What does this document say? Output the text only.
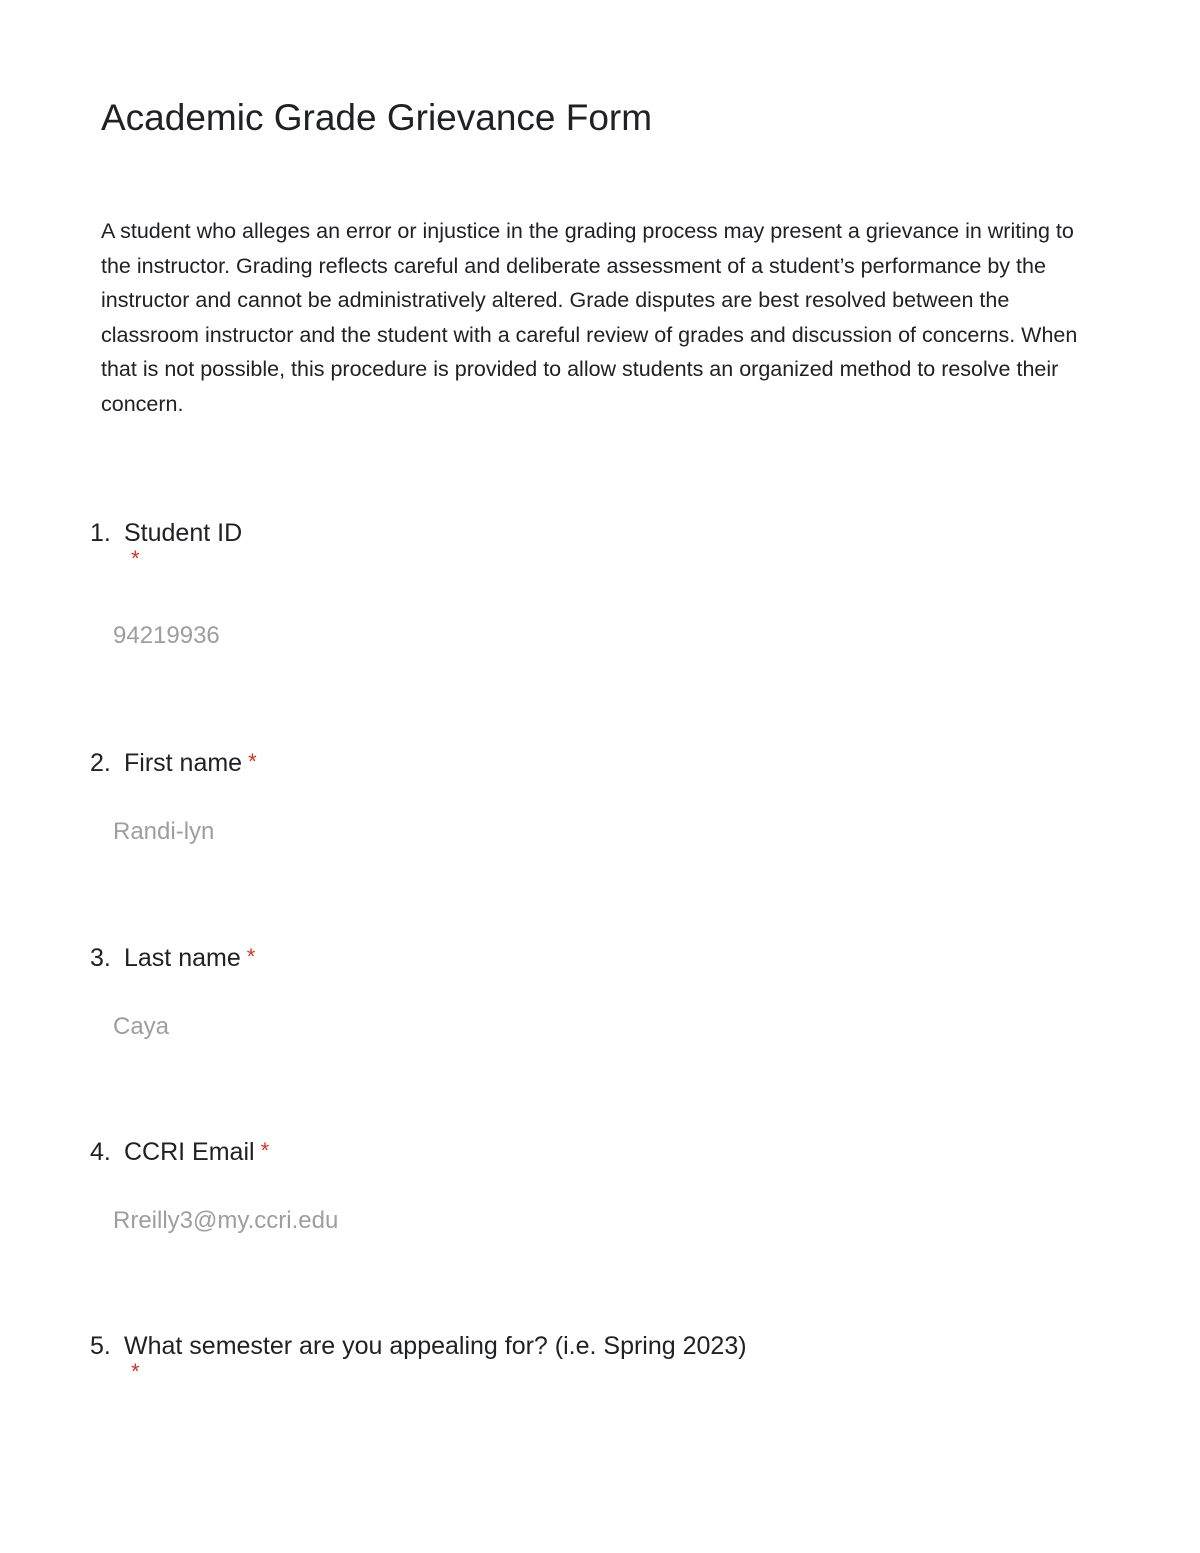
Academic Grade Grievance Form

A student who alleges an error or injustice in the grading process may present a grievance in writing to the instructor. Grading reflects careful and deliberate assessment of a student’s performance by the instructor and cannot be administratively altered. Grade disputes are best resolved between the classroom instructor and the student with a careful review of grades and discussion of concerns. When that is not possible, this procedure is provided to allow students an organized method to resolve their concern.

1. Student ID
*
94219936
2. First name *
Randi-lyn
3. Last name *
Caya
4. CCRI Email *
Rreilly3@my.ccri.edu
5. What semester are you appealing for? (i.e. Spring 2023)
*
